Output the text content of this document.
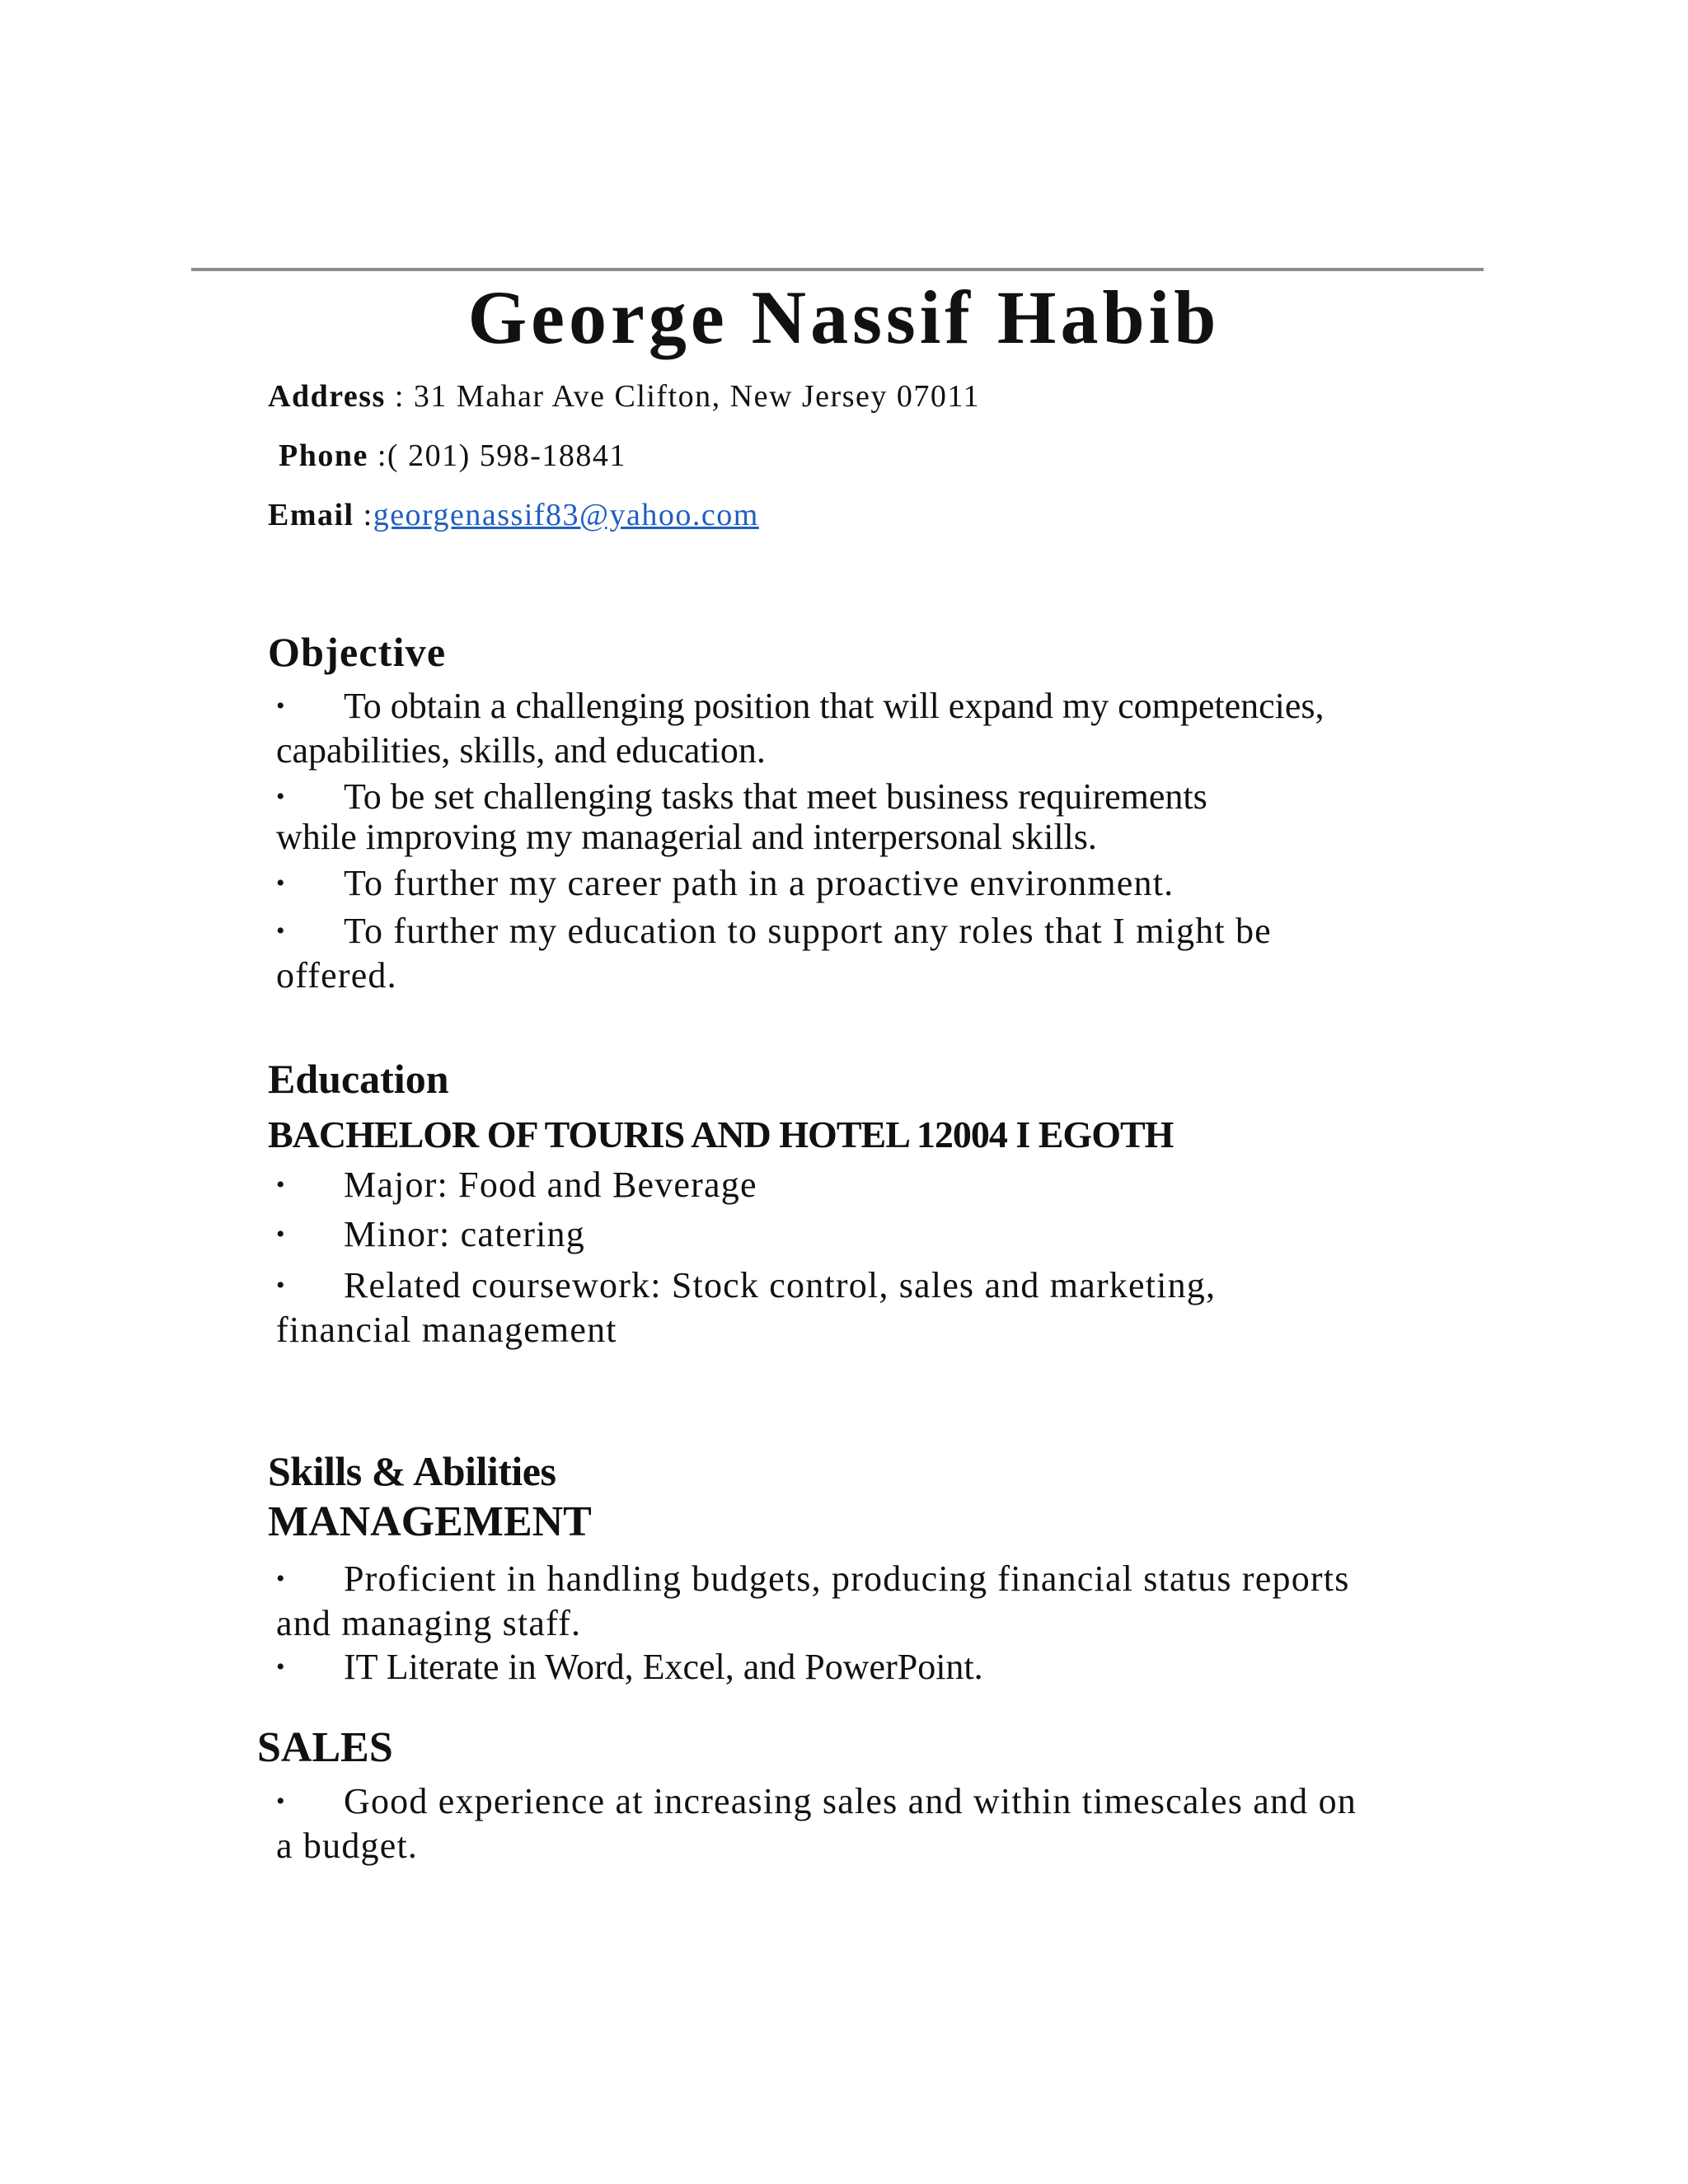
George Nassif Habib
Address : 31 Mahar Ave Clifton, New Jersey 07011
Phone :( 201) 598-18841
Email :georgenassif83@yahoo.com
Objective
• To obtain a challenging position that will expand my competencies,
capabilities, skills, and education.
• To be set challenging tasks that meet business requirements
while improving my managerial and interpersonal skills.
• To further my career path in a proactive environment.
• To further my education to support any roles that I might be
offered.
Education
BACHELOR OF TOURIS AND HOTEL 12004 I EGOTH
• Major: Food and Beverage
• Minor: catering
• Related coursework: Stock control, sales and marketing,
financial management
Skills & Abilities
MANAGEMENT
• Proficient in handling budgets, producing financial status reports
and managing staff.
• IT Literate in Word, Excel, and PowerPoint.
SALES
• Good experience at increasing sales and within timescales and on
a budget.
